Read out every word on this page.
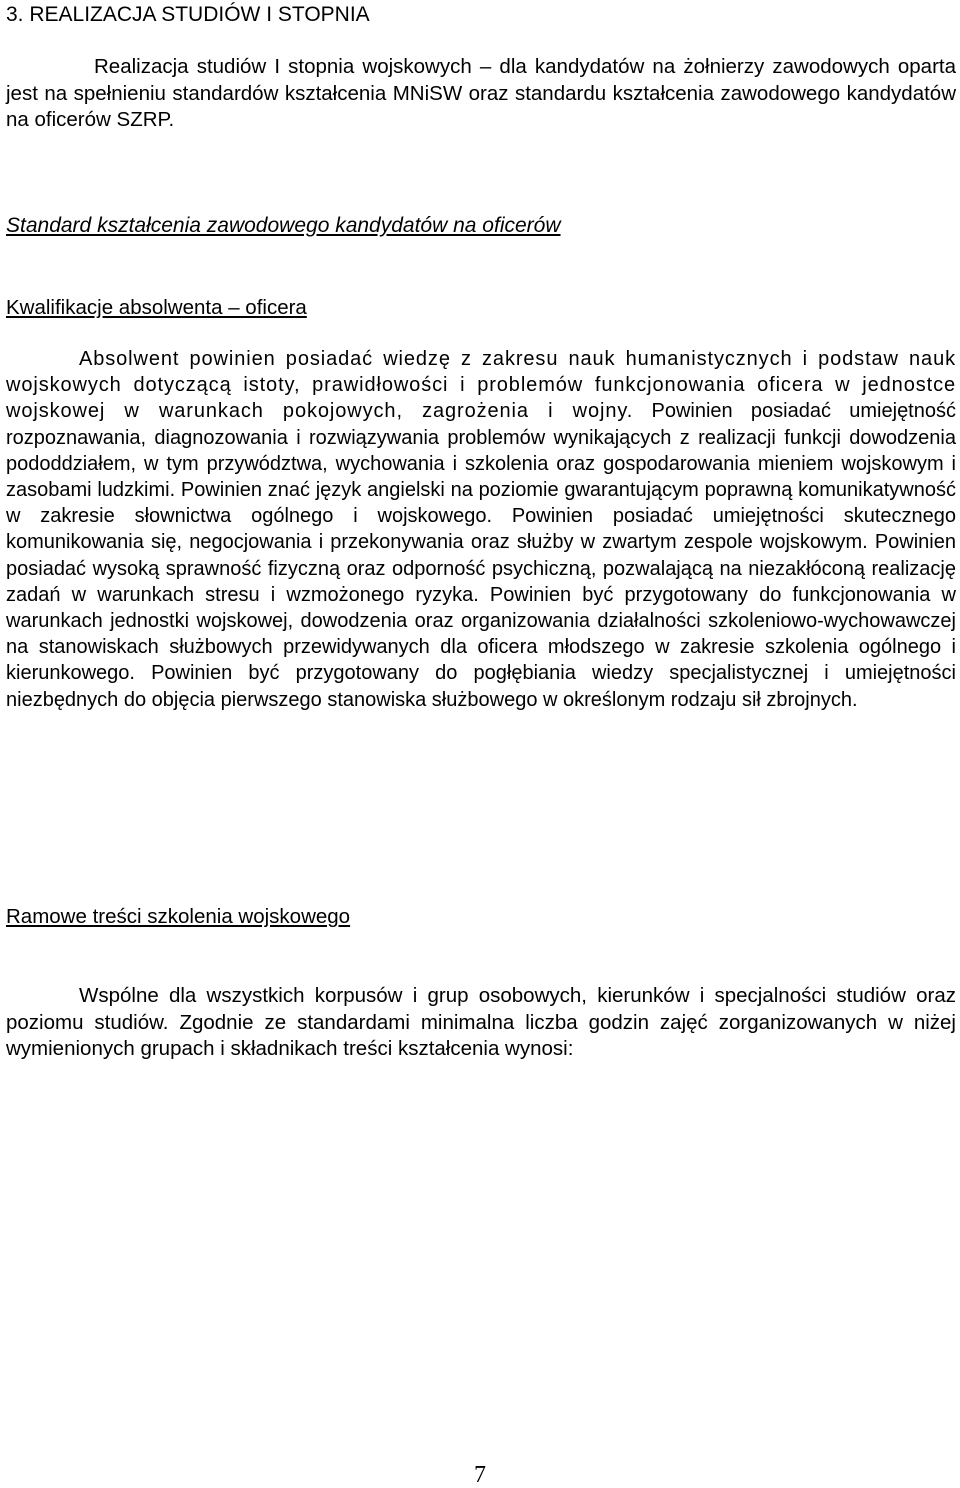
3. REALIZACJA STUDIÓW I STOPNIA

Realizacja studiów I stopnia wojskowych – dla kandydatów na żołnierzy zawodowych oparta jest na spełnieniu standardów kształcenia MNiSW oraz standardu kształcenia zawodowego kandydatów na oficerów SZRP.

Standard kształcenia zawodowego kandydatów na oficerów

Kwalifikacje absolwenta – oficera

Absolwent powinien posiadać wiedzę z zakresu nauk humanistycznych i podstaw nauk wojskowych dotyczącą istoty, prawidłowości i problemów funkcjonowania oficera w jednostce wojskowej w warunkach pokojowych, zagrożenia i wojny. Powinien posiadać umiejętność rozpoznawania, diagnozowania i rozwiązywania problemów wynikających z realizacji funkcji dowodzenia pododdziałem, w tym przywództwa, wychowania i szkolenia oraz gospodarowania mieniem wojskowym i zasobami ludzkimi. Powinien znać język angielski na poziomie gwarantującym poprawną komunikatywność w zakresie słownictwa ogólnego i wojskowego. Powinien posiadać umiejętności skutecznego komunikowania się, negocjowania i przekonywania oraz służby w zwartym zespole wojskowym. Powinien posiadać wysoką sprawność fizyczną oraz odporność psychiczną, pozwalającą na niezakłóconą realizację zadań w warunkach stresu i wzmożonego ryzyka. Powinien być przygotowany do funkcjonowania w warunkach jednostki wojskowej, dowodzenia oraz organizowania działalności szkoleniowo-wychowawczej na stanowiskach służbowych przewidywanych dla oficera młodszego w zakresie szkolenia ogólnego i kierunkowego. Powinien być przygotowany do pogłębiania wiedzy specjalistycznej i umiejętności niezbędnych do objęcia pierwszego stanowiska służbowego w określonym rodzaju sił zbrojnych.

Ramowe treści szkolenia wojskowego

Wspólne dla wszystkich korpusów i grup osobowych, kierunków i specjalności studiów oraz poziomu studiów. Zgodnie ze standardami minimalna liczba godzin zajęć zorganizowanych w niżej wymienionych grupach i składnikach treści kształcenia wynosi:

7
